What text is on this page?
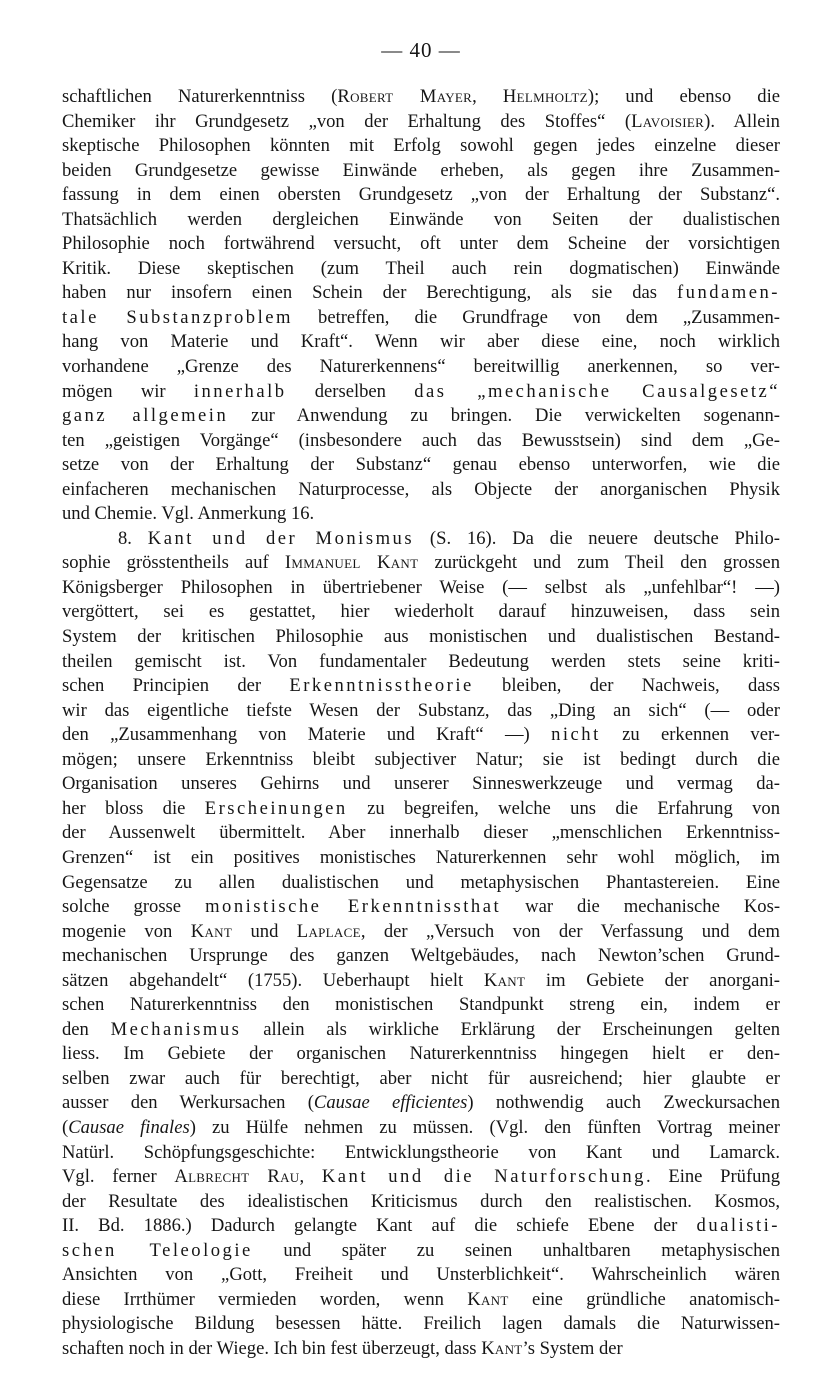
— 40 —
schaftlichen Naturerkenntniss (Robert Mayer, Helmholtz); und ebenso die
Chemiker ihr Grundgesetz „von der Erhaltung des Stoffes“ (Lavoisier). Allein
skeptische Philosophen könnten mit Erfolg sowohl gegen jedes einzelne dieser
beiden Grundgesetze gewisse Einwände erheben, als gegen ihre Zusammen-
fassung in dem einen obersten Grundgesetz „von der Erhaltung der Substanz“.
Thatsächlich werden dergleichen Einwände von Seiten der dualistischen
Philosophie noch fortwährend versucht, oft unter dem Scheine der vorsichtigen
Kritik. Diese skeptischen (zum Theil auch rein dogmatischen) Einwände
haben nur insofern einen Schein der Berechtigung, als sie das fundamen-
tale Substanzproblem betreffen, die Grundfrage von dem „Zusammen-
hang von Materie und Kraft“. Wenn wir aber diese eine, noch wirklich
vorhandene „Grenze des Naturerkennens“ bereitwillig anerkennen, so ver-
mögen wir innerhalb derselben das „mechanische Causalgesetz“
ganz allgemein zur Anwendung zu bringen. Die verwickelten sogenann-
ten „geistigen Vorgänge“ (insbesondere auch das Bewusstsein) sind dem „Ge-
setze von der Erhaltung der Substanz“ genau ebenso unterworfen, wie die
einfacheren mechanischen Naturprocesse, als Objecte der anorganischen Physik
und Chemie. Vgl. Anmerkung 16.
8. Kant und der Monismus (S. 16). Da die neuere deutsche Philo-
sophie grösstentheils auf Immanuel Kant zurückgeht und zum Theil den grossen
Königsberger Philosophen in übertriebener Weise (— selbst als „unfehlbar“! —)
vergöttert, sei es gestattet, hier wiederholt darauf hinzuweisen, dass sein
System der kritischen Philosophie aus monistischen und dualistischen Bestand-
theilen gemischt ist. Von fundamentaler Bedeutung werden stets seine kriti-
schen Principien der Erkenntnisstheorie bleiben, der Nachweis, dass
wir das eigentliche tiefste Wesen der Substanz, das „Ding an sich“ (— oder
den „Zusammenhang von Materie und Kraft“ —) nicht zu erkennen ver-
mögen; unsere Erkenntniss bleibt subjectiver Natur; sie ist bedingt durch die
Organisation unseres Gehirns und unserer Sinneswerkzeuge und vermag da-
her bloss die Erscheinungen zu begreifen, welche uns die Erfahrung von
der Aussenwelt übermittelt. Aber innerhalb dieser „menschlichen Erkenntniss-
Grenzen“ ist ein positives monistisches Naturerkennen sehr wohl möglich, im
Gegensatze zu allen dualistischen und metaphysischen Phantastereien. Eine
solche grosse monistische Erkenntnissthat war die mechanische Kos-
mogenie von Kant und Laplace, der „Versuch von der Verfassung und dem
mechanischen Ursprunge des ganzen Weltgebäudes, nach Newton’schen Grund-
sätzen abgehandelt“ (1755). Ueberhaupt hielt Kant im Gebiete der anorgani-
schen Naturerkenntniss den monistischen Standpunkt streng ein, indem er
den Mechanismus allein als wirkliche Erklärung der Erscheinungen gelten
liess. Im Gebiete der organischen Naturerkenntniss hingegen hielt er den-
selben zwar auch für berechtigt, aber nicht für ausreichend; hier glaubte er
ausser den Werkursachen (Causae efficientes) nothwendig auch Zweckursachen
(Causae finales) zu Hülfe nehmen zu müssen. (Vgl. den fünften Vortrag meiner
Natürl. Schöpfungsgeschichte: Entwicklungstheorie von Kant und Lamarck.
Vgl. ferner Albrecht Rau, Kant und die Naturforschung. Eine Prüfung
der Resultate des idealistischen Kriticismus durch den realistischen. Kosmos,
II. Bd. 1886.) Dadurch gelangte Kant auf die schiefe Ebene der dualisti-
schen Teleologie und später zu seinen unhaltbaren metaphysischen
Ansichten von „Gott, Freiheit und Unsterblichkeit“. Wahrscheinlich wären
diese Irrthümer vermieden worden, wenn Kant eine gründliche anatomisch-
physiologische Bildung besessen hätte. Freilich lagen damals die Naturwissen-
schaften noch in der Wiege. Ich bin fest überzeugt, dass Kant’s System der
